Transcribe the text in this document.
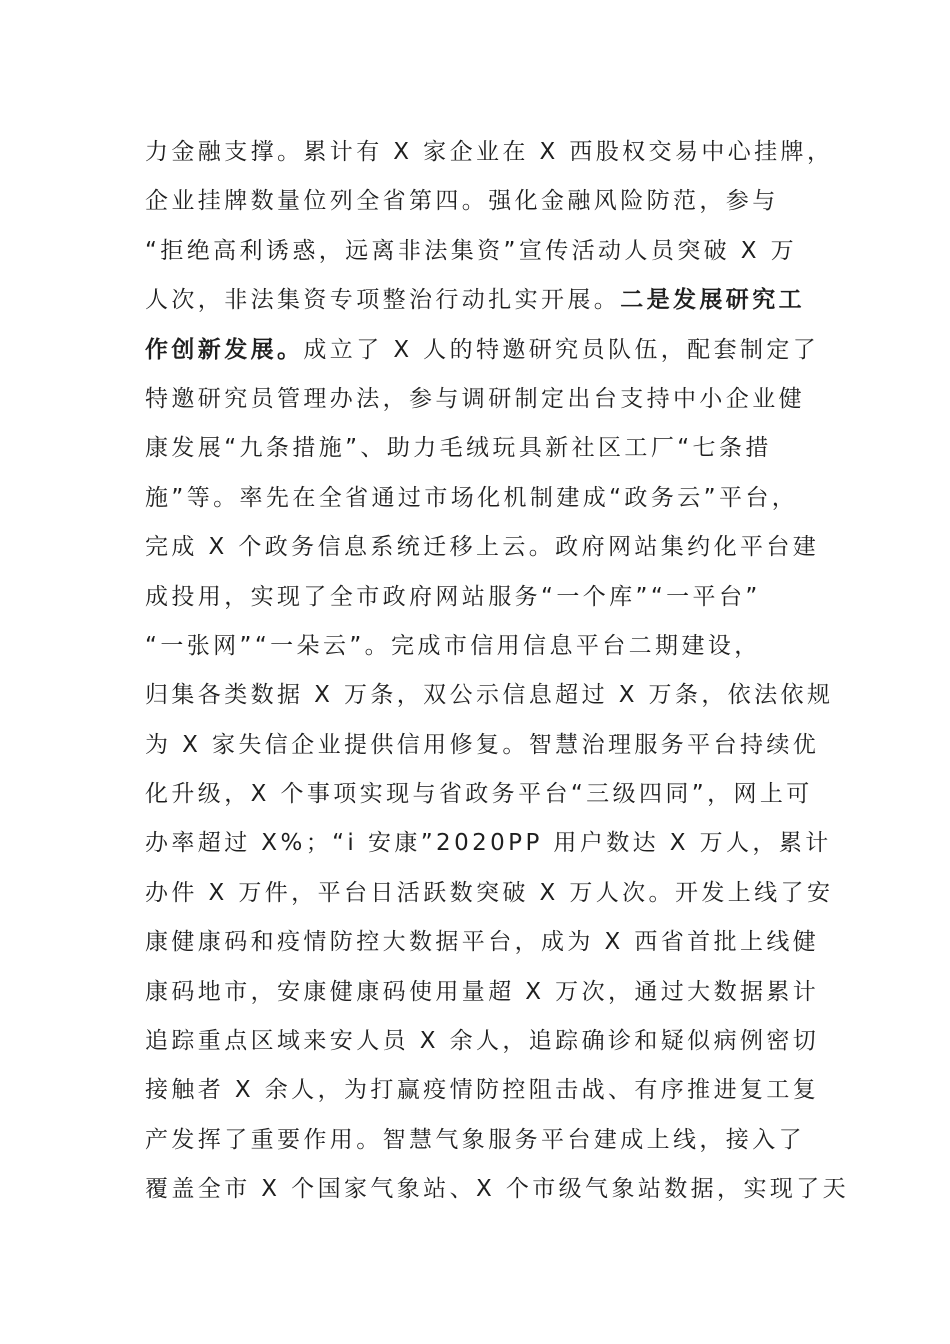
力金融支撑。累计有 X 家企业在 X 西股权交易中心挂牌，
企业挂牌数量位列全省第四。强化金融风险防范，参与
“拒绝高利诱惑，远离非法集资”宣传活动人员突破 X 万
人次，非法集资专项整治行动扎实开展。二是发展研究工
作创新发展。成立了 X 人的特邀研究员队伍，配套制定了
特邀研究员管理办法，参与调研制定出台支持中小企业健
康发展“九条措施”、助力毛绒玩具新社区工厂“七条措
施”等。率先在全省通过市场化机制建成“政务云”平台，
完成 X 个政务信息系统迁移上云。政府网站集约化平台建
成投用，实现了全市政府网站服务“一个库”“一平台”
“一张网”“一朵云”。完成市信用信息平台二期建设，
归集各类数据 X 万条，双公示信息超过 X 万条，依法依规
为 X 家失信企业提供信用修复。智慧治理服务平台持续优
化升级，X 个事项实现与省政务平台“三级四同”，网上可
办率超过 X%；“i 安康”2020PP 用户数达 X 万人，累计
办件 X 万件，平台日活跃数突破 X 万人次。开发上线了安
康健康码和疫情防控大数据平台，成为 X 西省首批上线健
康码地市，安康健康码使用量超 X 万次，通过大数据累计
追踪重点区域来安人员 X 余人，追踪确诊和疑似病例密切
接触者 X 余人，为打赢疫情防控阻击战、有序推进复工复
产发挥了重要作用。智慧气象服务平台建成上线，接入了
覆盖全市 X 个国家气象站、X 个市级气象站数据，实现了天
